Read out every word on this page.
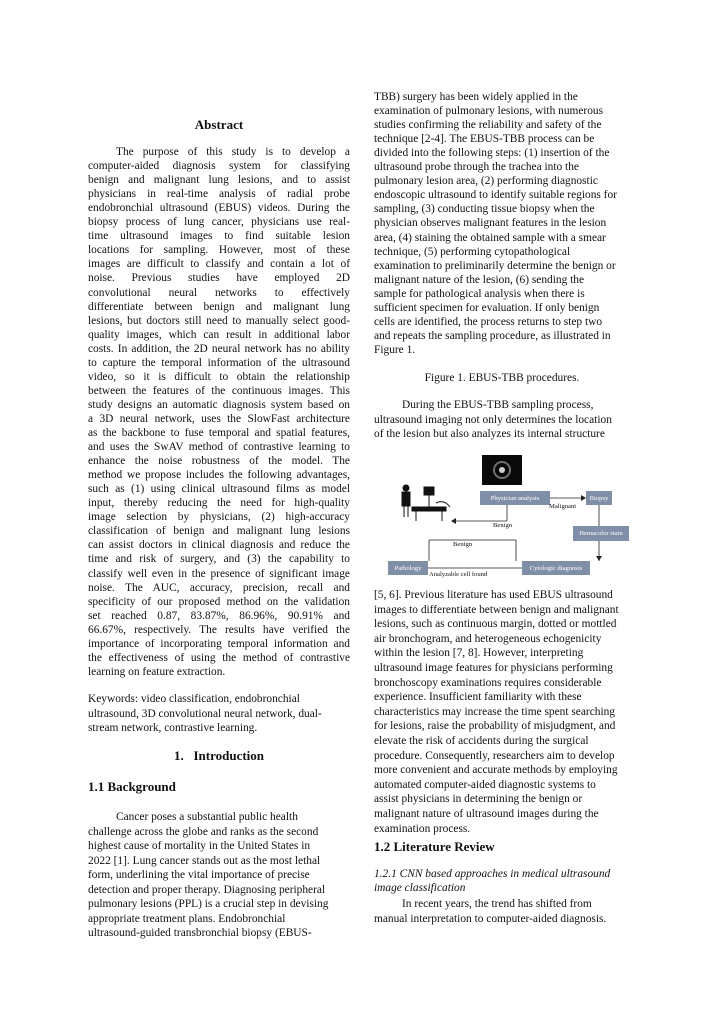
Abstract
The purpose of this study is to develop a
computer-aided diagnosis system for classifying
benign and malignant lung lesions, and to assist
physicians in real-time analysis of radial probe
endobronchial ultrasound (EBUS) videos. During the
biopsy process of lung cancer, physicians use real-
time ultrasound images to find suitable lesion
locations for sampling. However, most of these
images are difficult to classify and contain a lot of
noise. Previous studies have employed 2D
convolutional neural networks to effectively
differentiate between benign and malignant lung
lesions, but doctors still need to manually select good-
quality images, which can result in additional labor
costs. In addition, the 2D neural network has no ability
to capture the temporal information of the ultrasound
video, so it is difficult to obtain the relationship
between the features of the continuous images. This
study designs an automatic diagnosis system based on
a 3D neural network, uses the SlowFast architecture
as the backbone to fuse temporal and spatial features,
and uses the SwAV method of contrastive learning to
enhance the noise robustness of the model. The
method we propose includes the following advantages,
such as (1) using clinical ultrasound films as model
input, thereby reducing the need for high-quality
image selection by physicians, (2) high-accuracy
classification of benign and malignant lung lesions
can assist doctors in clinical diagnosis and reduce the
time and risk of surgery, and (3) the capability to
classify well even in the presence of significant image
noise. The AUC, accuracy, precision, recall and
specificity of our proposed method on the validation
set reached 0.87, 83.87%, 86.96%, 90.91% and
66.67%, respectively. The results have verified the
importance of incorporating temporal information and
the effectiveness of using the method of contrastive
learning on feature extraction.
Keywords: video classification, endobronchial
ultrasound, 3D convolutional neural network, dual-
stream network, contrastive learning.
1. Introduction
1.1 Background
Cancer poses a substantial public health
challenge across the globe and ranks as the second
highest cause of mortality in the United States in
2022 [1]. Lung cancer stands out as the most lethal
form, underlining the vital importance of precise
detection and proper therapy. Diagnosing peripheral
pulmonary lesions (PPL) is a crucial step in devising
appropriate treatment plans. Endobronchial
ultrasound-guided transbronchial biopsy (EBUS-
TBB) surgery has been widely applied in the
examination of pulmonary lesions, with numerous
studies confirming the reliability and safety of the
technique [2-4]. The EBUS-TBB process can be
divided into the following steps: (1) insertion of the
ultrasound probe through the trachea into the
pulmonary lesion area, (2) performing diagnostic
endoscopic ultrasound to identify suitable regions for
sampling, (3) conducting tissue biopsy when the
physician observes malignant features in the lesion
area, (4) staining the obtained sample with a smear
technique, (5) performing cytopathological
examination to preliminarily determine the benign or
malignant nature of the lesion, (6) sending the
sample for pathological analysis when there is
sufficient specimen for evaluation. If only benign
cells are identified, the process returns to step two
and repeats the sampling procedure, as illustrated in
Figure 1.
Figure 1. EBUS-TBB procedures.
During the EBUS-TBB sampling process,
ultrasound imaging not only determines the location
of the lesion but also analyzes its internal structure
[5, 6]. Previous literature has used EBUS ultrasound
images to differentiate between benign and malignant
lesions, such as continuous margin, dotted or mottled
air bronchogram, and heterogeneous echogenicity
within the lesion [7, 8]. However, interpreting
ultrasound image features for physicians performing
bronchoscopy examinations requires considerable
experience. Insufficient familiarity with these
characteristics may increase the time spent searching
for lesions, raise the probability of misjudgment, and
elevate the risk of accidents during the surgical
procedure. Consequently, researchers aim to develop
more convenient and accurate methods by employing
automated computer-aided diagnostic systems to
assist physicians in determining the benign or
malignant nature of ultrasound images during the
examination process.
1.2 Literature Review
1.2.1 CNN based approaches in medical ultrasound
image classification
In recent years, the trend has shifted from
manual interpretation to computer-aided diagnosis.
Physician analysis	Biopsy
Hemacolor stain
Cytologic diagnosis
Pathology
Malignant
Benign
Benign
Analyzable cell found
